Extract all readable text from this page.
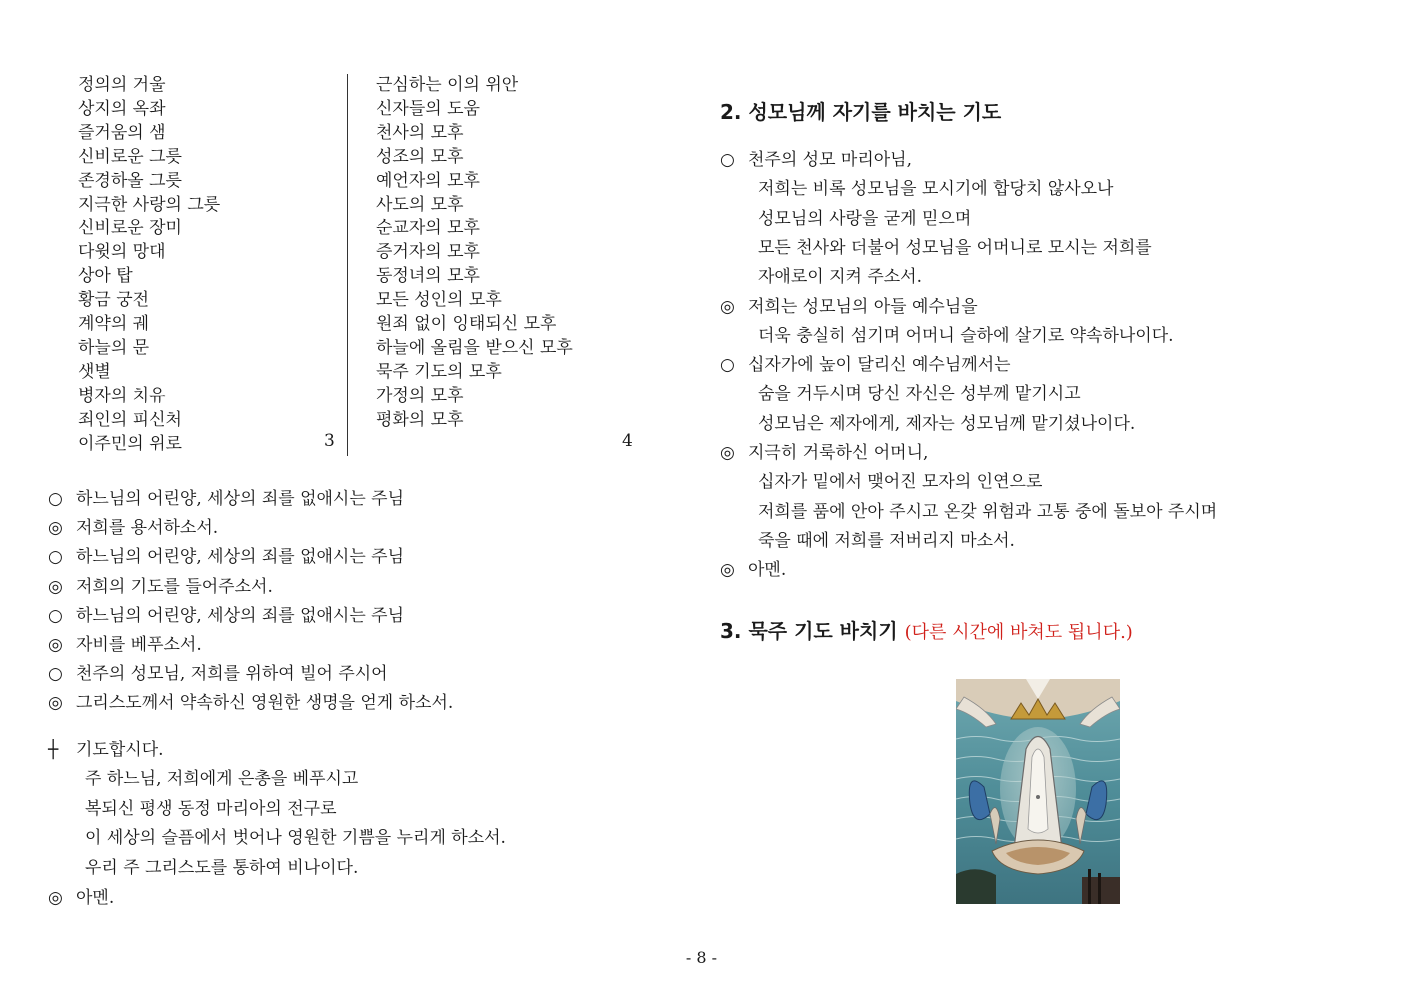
정의의 거울
상지의 옥좌
즐거움의 샘
신비로운 그릇
존경하올 그릇
지극한 사랑의 그릇
신비로운 장미
다윗의 망대
상아 탑
황금 궁전
계약의 궤
하늘의 문
샛별
병자의 치유
죄인의 피신처
이주민의 위로
근심하는 이의 위안
신자들의 도움
천사의 모후
성조의 모후
예언자의 모후
사도의 모후
순교자의 모후
증거자의 모후
동정녀의 모후
모든 성인의 모후
원죄 없이 잉태되신 모후
하늘에 올림을 받으신 모후
묵주 기도의 모후
가정의 모후
평화의 모후
3	4
○ 하느님의 어린양, 세상의 죄를 없애시는 주님
◎ 저희를 용서하소서.
○ 하느님의 어린양, 세상의 죄를 없애시는 주님
◎ 저희의 기도를 들어주소서.
○ 하느님의 어린양, 세상의 죄를 없애시는 주님
◎ 자비를 베푸소서.
○ 천주의 성모님, 저희를 위하여 빌어 주시어
◎ 그리스도께서 약속하신 영원한 생명을 얻게 하소서.
┼ 기도합시다.
주 하느님, 저희에게 은총을 베푸시고
복되신 평생 동정 마리아의 전구로
이 세상의 슬픔에서 벗어나 영원한 기쁨을 누리게 하소서.
우리 주 그리스도를 통하여 비나이다.
◎ 아멘.
2. 성모님께 자기를 바치는 기도
○ 천주의 성모 마리아님,
저희는 비록 성모님을 모시기에 합당치 않사오나
성모님의 사랑을 굳게 믿으며
모든 천사와 더불어 성모님을 어머니로 모시는 저희를
자애로이 지켜 주소서.
◎ 저희는 성모님의 아들 예수님을
더욱 충실히 섬기며 어머니 슬하에 살기로 약속하나이다.
○ 십자가에 높이 달리신 예수님께서는
숨을 거두시며 당신 자신은 성부께 맡기시고
성모님은 제자에게, 제자는 성모님께 맡기셨나이다.
◎ 지극히 거룩하신 어머니,
십자가 밑에서 맺어진 모자의 인연으로
저희를 품에 안아 주시고 온갖 위험과 고통 중에 돌보아 주시며
죽을 때에 저희를 저버리지 마소서.
◎ 아멘.
3. 묵주 기도 바치기 (다른 시간에 바쳐도 됩니다.)
- 8 -
